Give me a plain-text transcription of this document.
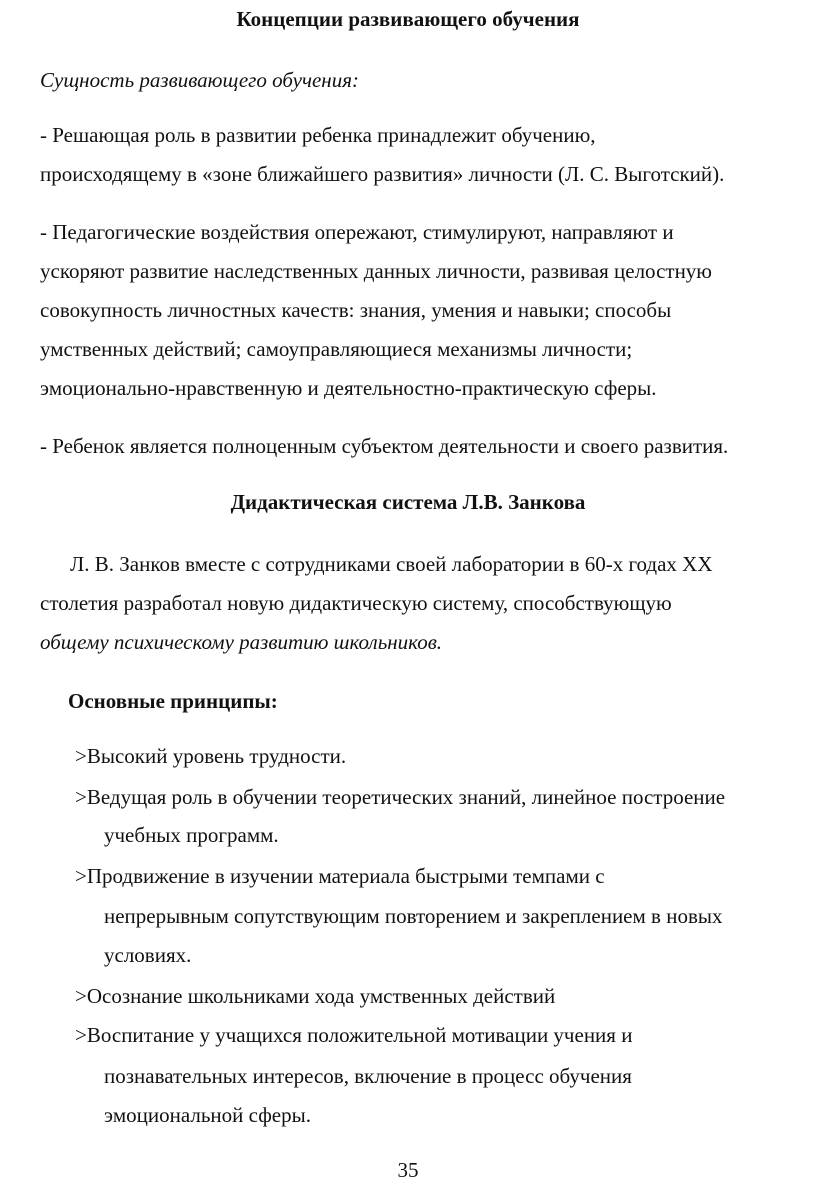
Концепции развивающего обучения
Сущность развивающего обучения:
- Решающая роль в развитии ребенка принадлежит обучению,
происходящему в «зоне ближайшего развития» личности (Л. С. Выготский).
- Педагогические воздействия опережают, стимулируют, направляют и
ускоряют развитие наследственных данных личности, развивая целостную
совокупность личностных качеств: знания, умения и навыки; способы
умственных действий; самоуправляющиеся механизмы личности;
эмоционально-нравственную и деятельностно-практическую сферы.
- Ребенок является полноценным субъектом деятельности и своего развития.
Дидактическая система Л.В. Занкова
Л. В. Занков вместе с сотрудниками своей лаборатории в 60-х годах XX
столетия разработал новую дидактическую систему, способствующую
общему психическому развитию школьников.
Основные принципы:
>Высокий уровень трудности.
>Ведущая роль в обучении теоретических знаний, линейное построение
учебных программ.
>Продвижение в изучении материала быстрыми темпами с
непрерывным сопутствующим повторением и закреплением в новых
условиях.
>Осознание школьниками хода умственных действий
>Воспитание у учащихся положительной мотивации учения и
познавательных интересов, включение в процесс обучения
эмоциональной сферы.
35
